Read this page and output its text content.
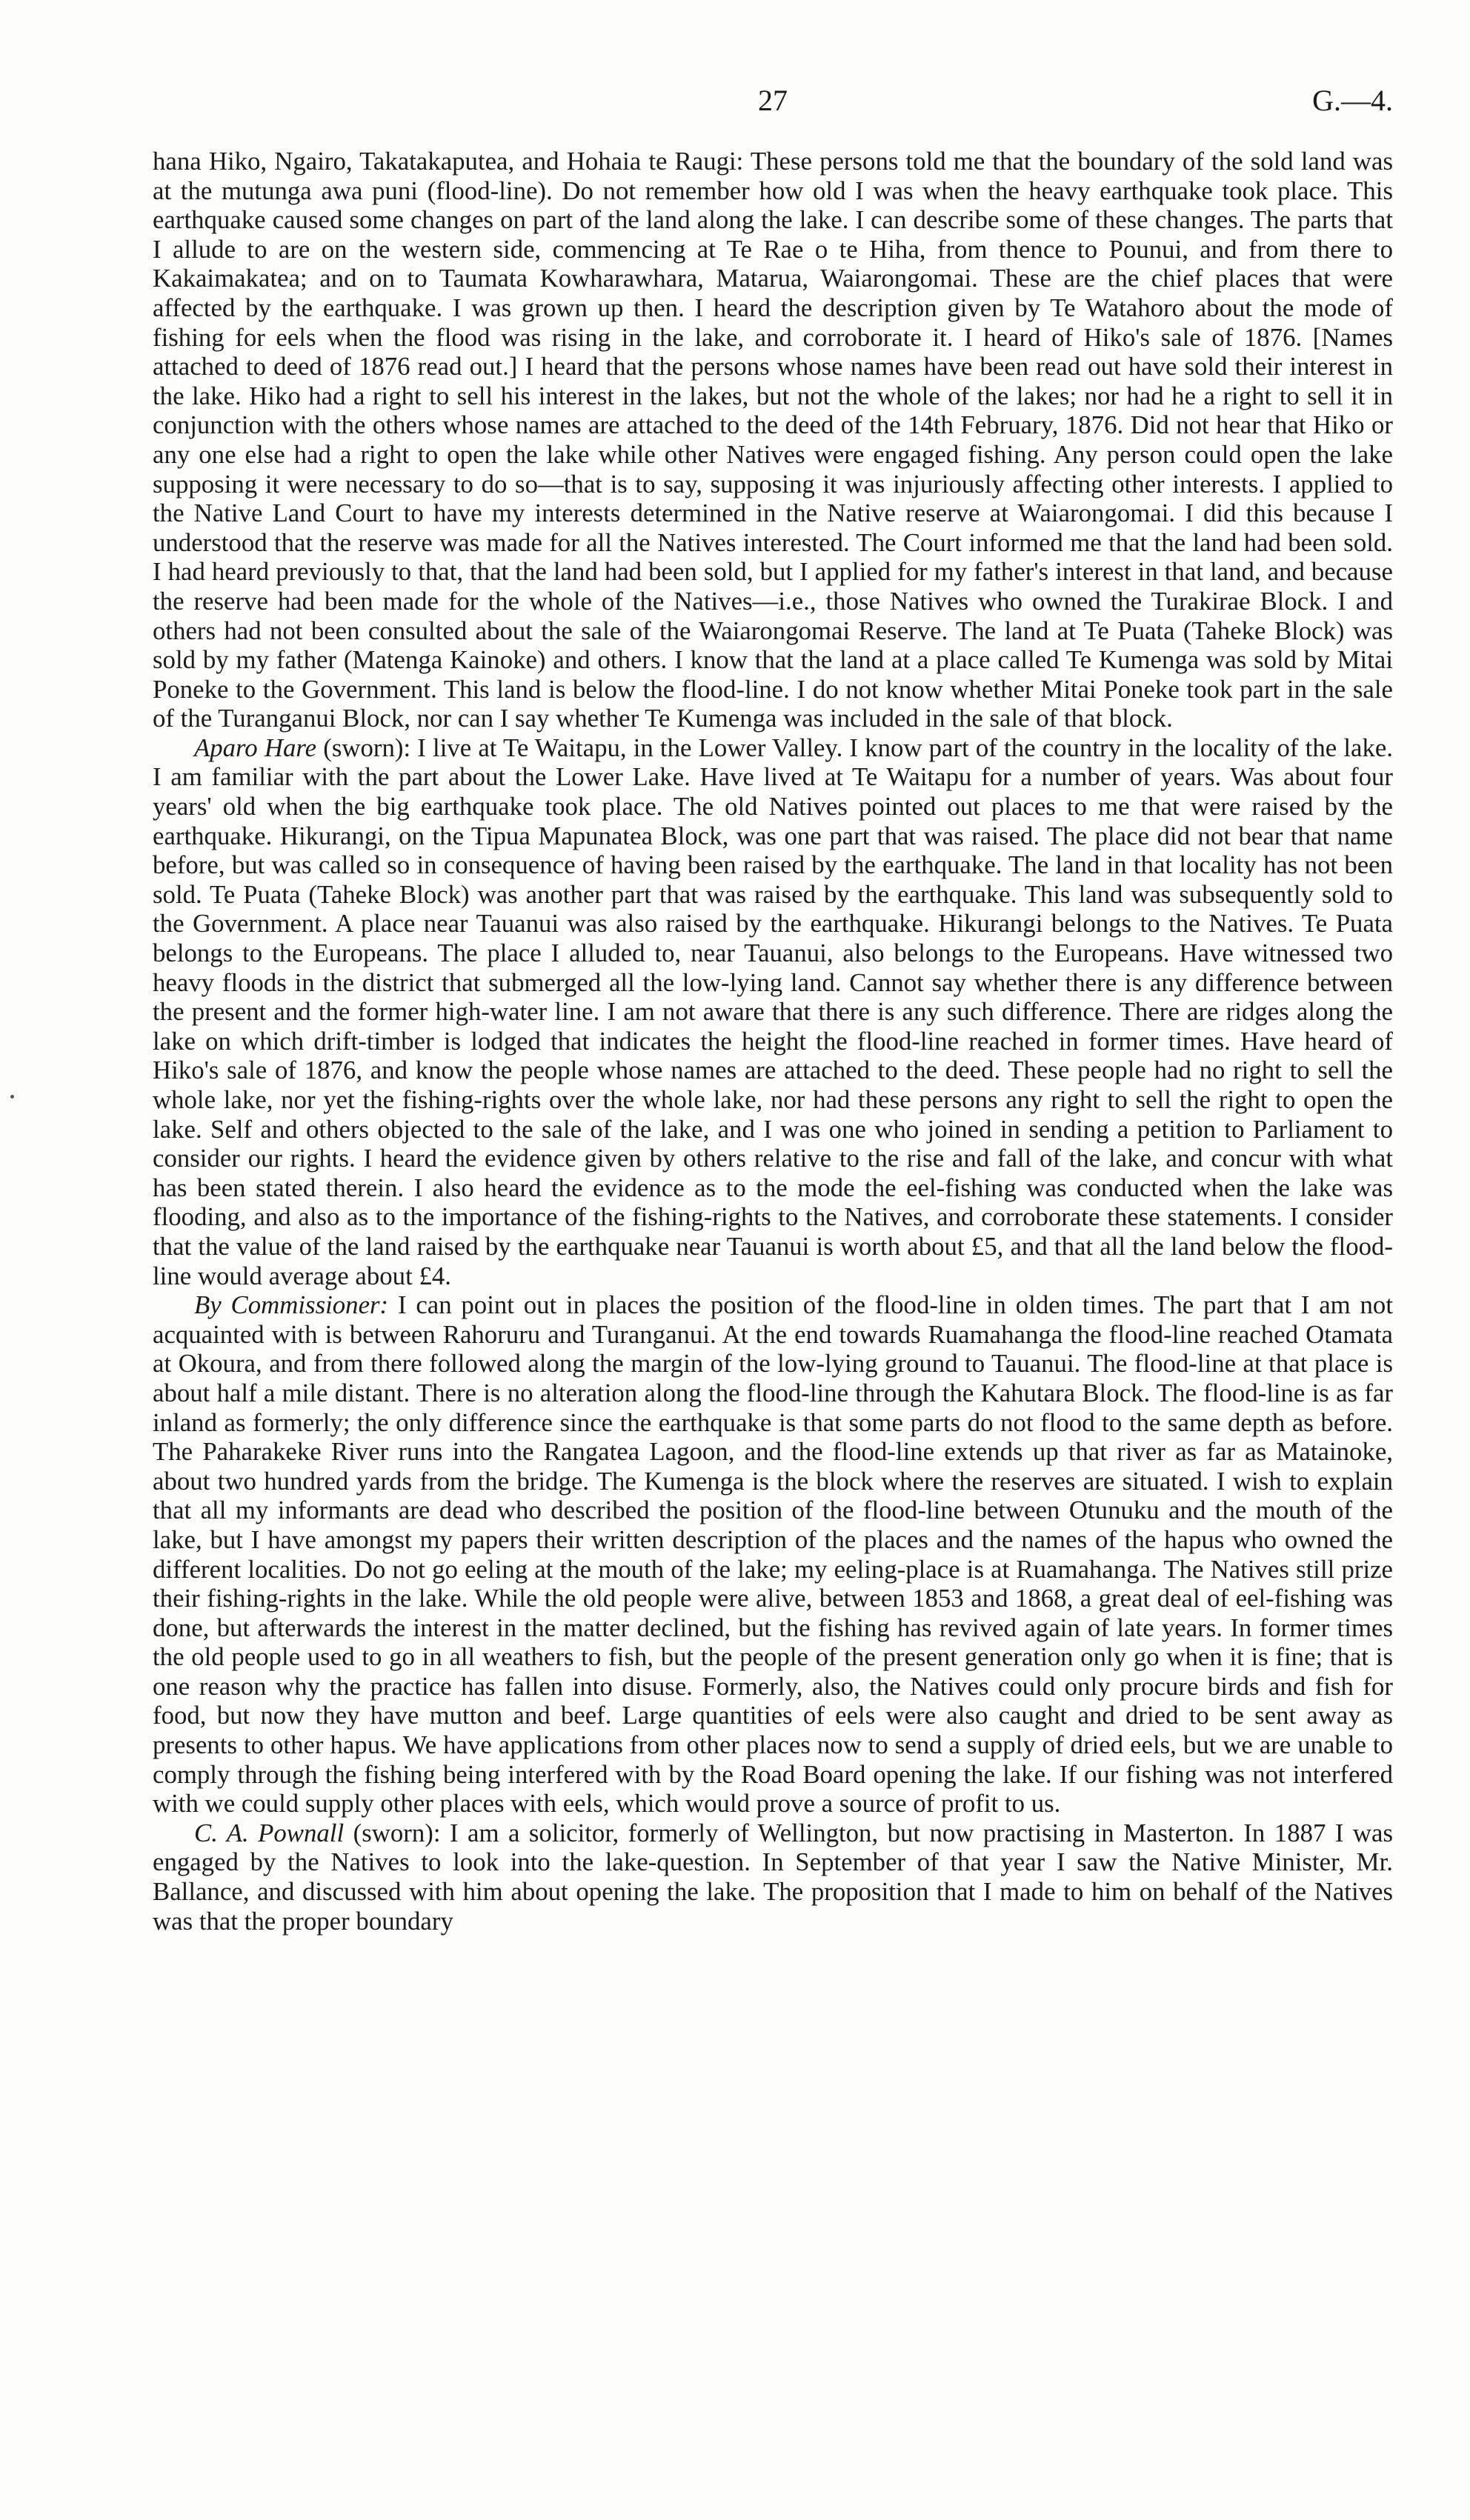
27	G.—4.

hana Hiko, Ngairo, Takatakaputea, and Hohaia te Raugi: These persons told me that the boundary of the sold land was at the mutunga awa puni (flood-line). Do not remember how old I was when the heavy earthquake took place. This earthquake caused some changes on part of the land along the lake. I can describe some of these changes. The parts that I allude to are on the western side, commencing at Te Rae o te Hiha, from thence to Pounui, and from there to Kakaimakatea; and on to Taumata Kowharawhara, Matarua, Waiarongomai. These are the chief places that were affected by the earthquake. I was grown up then. I heard the description given by Te Watahoro about the mode of fishing for eels when the flood was rising in the lake, and corroborate it. I heard of Hiko's sale of 1876. [Names attached to deed of 1876 read out.] I heard that the persons whose names have been read out have sold their interest in the lake. Hiko had a right to sell his interest in the lakes, but not the whole of the lakes; nor had he a right to sell it in conjunction with the others whose names are attached to the deed of the 14th February, 1876. Did not hear that Hiko or any one else had a right to open the lake while other Natives were engaged fishing. Any person could open the lake supposing it were necessary to do so—that is to say, supposing it was injuriously affecting other interests. I applied to the Native Land Court to have my interests determined in the Native reserve at Waiarongomai. I did this because I understood that the reserve was made for all the Natives interested. The Court informed me that the land had been sold. I had heard previously to that, that the land had been sold, but I applied for my father's interest in that land, and because the reserve had been made for the whole of the Natives—i.e., those Natives who owned the Turakirae Block. I and others had not been consulted about the sale of the Waiarongomai Reserve. The land at Te Puata (Taheke Block) was sold by my father (Matenga Kainoke) and others. I know that the land at a place called Te Kumenga was sold by Mitai Poneke to the Government. This land is below the flood-line. I do not know whether Mitai Poneke took part in the sale of the Turanganui Block, nor can I say whether Te Kumenga was included in the sale of that block.

Aparo Hare (sworn): I live at Te Waitapu, in the Lower Valley. I know part of the country in the locality of the lake. I am familiar with the part about the Lower Lake. Have lived at Te Waitapu for a number of years. Was about four years' old when the big earthquake took place. The old Natives pointed out places to me that were raised by the earthquake. Hikurangi, on the Tipua Mapunatea Block, was one part that was raised. The place did not bear that name before, but was called so in consequence of having been raised by the earthquake. The land in that locality has not been sold. Te Puata (Taheke Block) was another part that was raised by the earthquake. This land was subsequently sold to the Government. A place near Tauanui was also raised by the earthquake. Hikurangi belongs to the Natives. Te Puata belongs to the Europeans. The place I alluded to, near Tauanui, also belongs to the Europeans. Have witnessed two heavy floods in the district that submerged all the low-lying land. Cannot say whether there is any difference between the present and the former high-water line. I am not aware that there is any such difference. There are ridges along the lake on which drift-timber is lodged that indicates the height the flood-line reached in former times. Have heard of Hiko's sale of 1876, and know the people whose names are attached to the deed. These people had no right to sell the whole lake, nor yet the fishing-rights over the whole lake, nor had these persons any right to sell the right to open the lake. Self and others objected to the sale of the lake, and I was one who joined in sending a petition to Parliament to consider our rights. I heard the evidence given by others relative to the rise and fall of the lake, and concur with what has been stated therein. I also heard the evidence as to the mode the eel-fishing was conducted when the lake was flooding, and also as to the importance of the fishing-rights to the Natives, and corroborate these statements. I consider that the value of the land raised by the earthquake near Tauanui is worth about £5, and that all the land below the flood-line would average about £4.

By Commissioner: I can point out in places the position of the flood-line in olden times. The part that I am not acquainted with is between Rahoruru and Turanganui. At the end towards Ruamahanga the flood-line reached Otamata at Okoura, and from there followed along the margin of the low-lying ground to Tauanui. The flood-line at that place is about half a mile distant. There is no alteration along the flood-line through the Kahutara Block. The flood-line is as far inland as formerly; the only difference since the earthquake is that some parts do not flood to the same depth as before. The Paharakeke River runs into the Rangatea Lagoon, and the flood-line extends up that river as far as Matainoke, about two hundred yards from the bridge. The Kumenga is the block where the reserves are situated. I wish to explain that all my informants are dead who described the position of the flood-line between Otunuku and the mouth of the lake, but I have amongst my papers their written description of the places and the names of the hapus who owned the different localities. Do not go eeling at the mouth of the lake; my eeling-place is at Ruamahanga. The Natives still prize their fishing-rights in the lake. While the old people were alive, between 1853 and 1868, a great deal of eel-fishing was done, but afterwards the interest in the matter declined, but the fishing has revived again of late years. In former times the old people used to go in all weathers to fish, but the people of the present generation only go when it is fine; that is one reason why the practice has fallen into disuse. Formerly, also, the Natives could only procure birds and fish for food, but now they have mutton and beef. Large quantities of eels were also caught and dried to be sent away as presents to other hapus. We have applications from other places now to send a supply of dried eels, but we are unable to comply through the fishing being interfered with by the Road Board opening the lake. If our fishing was not interfered with we could supply other places with eels, which would prove a source of profit to us.

C. A. Pownall (sworn): I am a solicitor, formerly of Wellington, but now practising in Masterton. In 1887 I was engaged by the Natives to look into the lake-question. In September of that year I saw the Native Minister, Mr. Ballance, and discussed with him about opening the lake. The proposition that I made to him on behalf of the Natives was that the proper boundary
